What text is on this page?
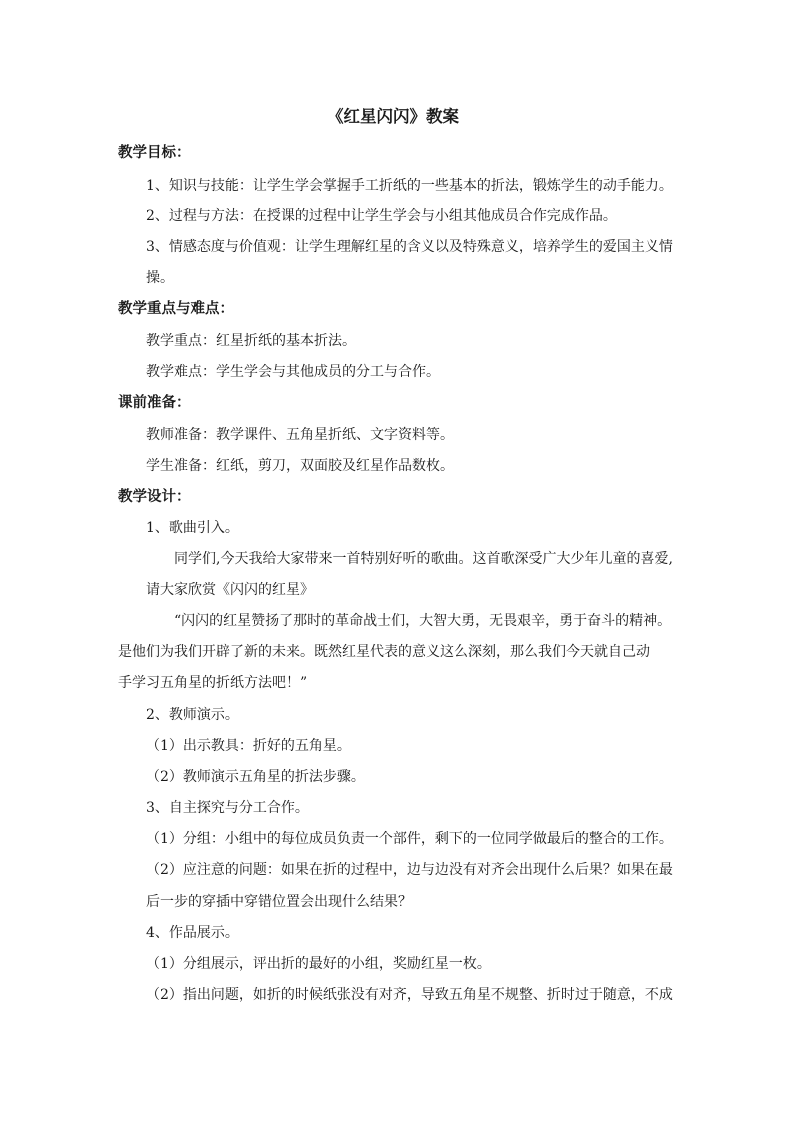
《红星闪闪》教案
教学目标：
1、知识与技能：让学生学会掌握手工折纸的一些基本的折法，锻炼学生的动手能力。
2、过程与方法：在授课的过程中让学生学会与小组其他成员合作完成作品。
3、情感态度与价值观：让学生理解红星的含义以及特殊意义，培养学生的爱国主义情
操。
教学重点与难点：
教学重点：红星折纸的基本折法。
教学难点：学生学会与其他成员的分工与合作。
课前准备：
教师准备：教学课件、五角星折纸、文字资料等。
学生准备：红纸，剪刀，双面胶及红星作品数枚。
教学设计：
1、歌曲引入。
同学们,今天我给大家带来一首特别好听的歌曲。这首歌深受广大少年儿童的喜爱,
请大家欣赏《闪闪的红星》
“闪闪的红星赞扬了那时的革命战士们，大智大勇，无畏艰辛，勇于奋斗的精神。
是他们为我们开辟了新的未来。既然红星代表的意义这么深刻，那么我们今天就自己动
手学习五角星的折纸方法吧！”
2、教师演示。
（1）出示教具：折好的五角星。
（2）教师演示五角星的折法步骤。
3、自主探究与分工合作。
（1）分组：小组中的每位成员负责一个部件，剩下的一位同学做最后的整合的工作。
（2）应注意的问题：如果在折的过程中，边与边没有对齐会出现什么后果？如果在最
后一步的穿插中穿错位置会出现什么结果？
4、作品展示。
（1）分组展示，评出折的最好的小组，奖励红星一枚。
（2）指出问题，如折的时候纸张没有对齐，导致五角星不规整、折时过于随意，不成
